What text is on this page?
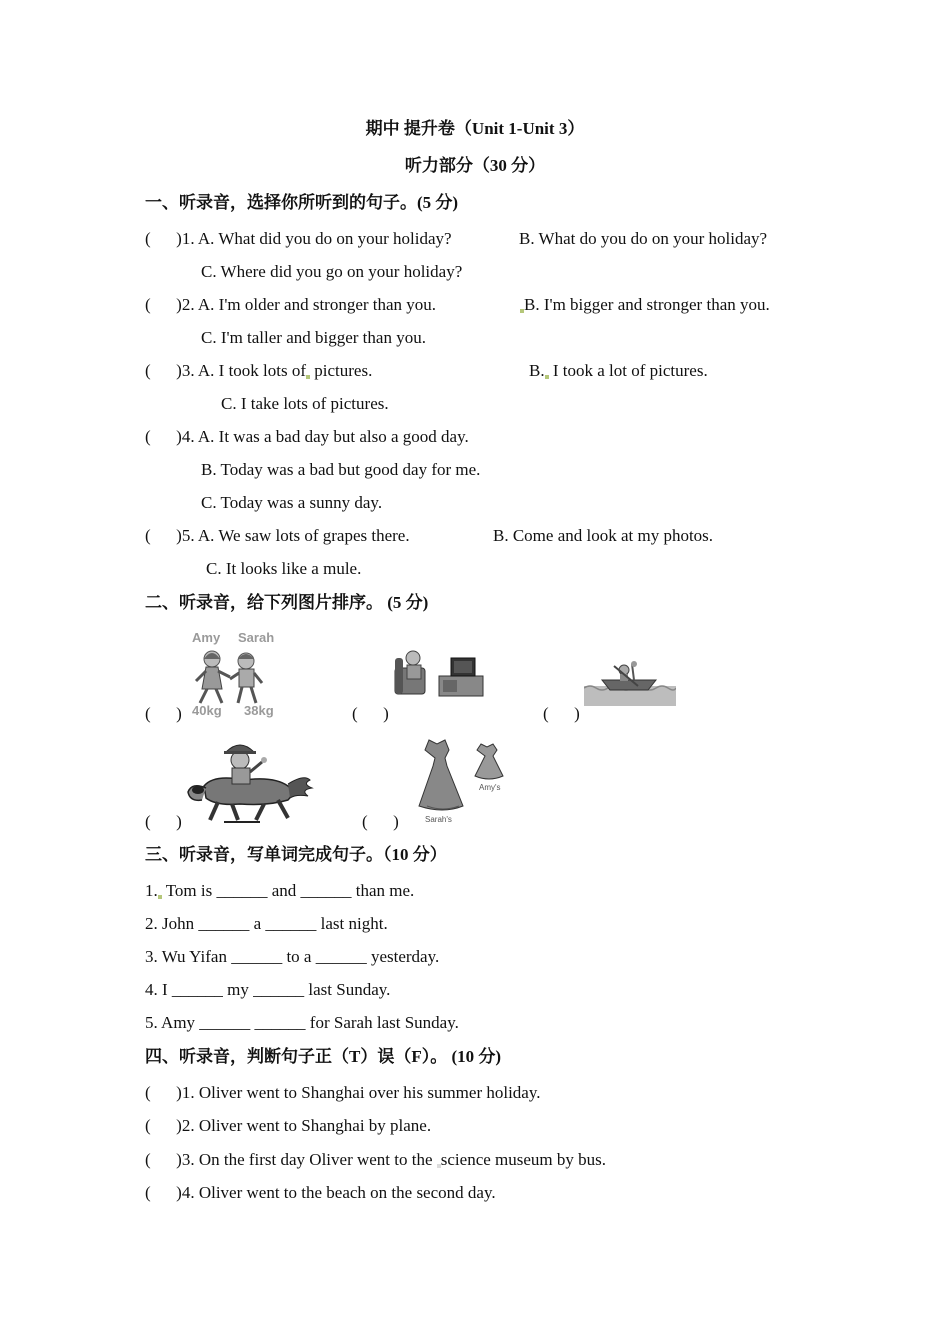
期中 提升卷（Unit 1-Unit 3）
听力部分（30 分）
一、听录音，选择你所听到的句子。(5 分)
(      )1. A. What did you do on your holiday?	B. What do you do on your holiday?
C. Where did you go on your holiday?
(      )2. A. I'm older and stronger than you.	B. I'm bigger and stronger than you.
C. I'm taller and bigger than you.
(      )3. A. I took lots of pictures.	B. I took a lot of pictures.
C. I take lots of pictures.
(      )4. A. It was a bad day but also a good day.
B. Today was a bad but good day for me.
C. Today was a sunny day.
(      )5. A. We saw lots of grapes there.	B. Come and look at my photos.
C. It looks like a mule.
二、听录音，给下列图片排序。 (5 分)
Amy Sarah
40kg 38kg
(      )	(      )	(      )
(      )
Amy's
Sarah's
(      )
三、听录音，写单词完成句子。（10 分）
1. Tom is ______ and ______ than me.
2. John ______ a ______ last night.
3. Wu Yifan ______ to a ______ yesterday.
4. I ______ my ______ last Sunday.
5. Amy ______ ______ for Sarah last Sunday.
四、听录音，判断句子正（T）误（F）。 (10 分)
(      )1. Oliver went to Shanghai over his summer holiday.
(      )2. Oliver went to Shanghai by plane.
(      )3. On the first day Oliver went to the science museum by bus.
(      )4. Oliver went to the beach on the second day.
